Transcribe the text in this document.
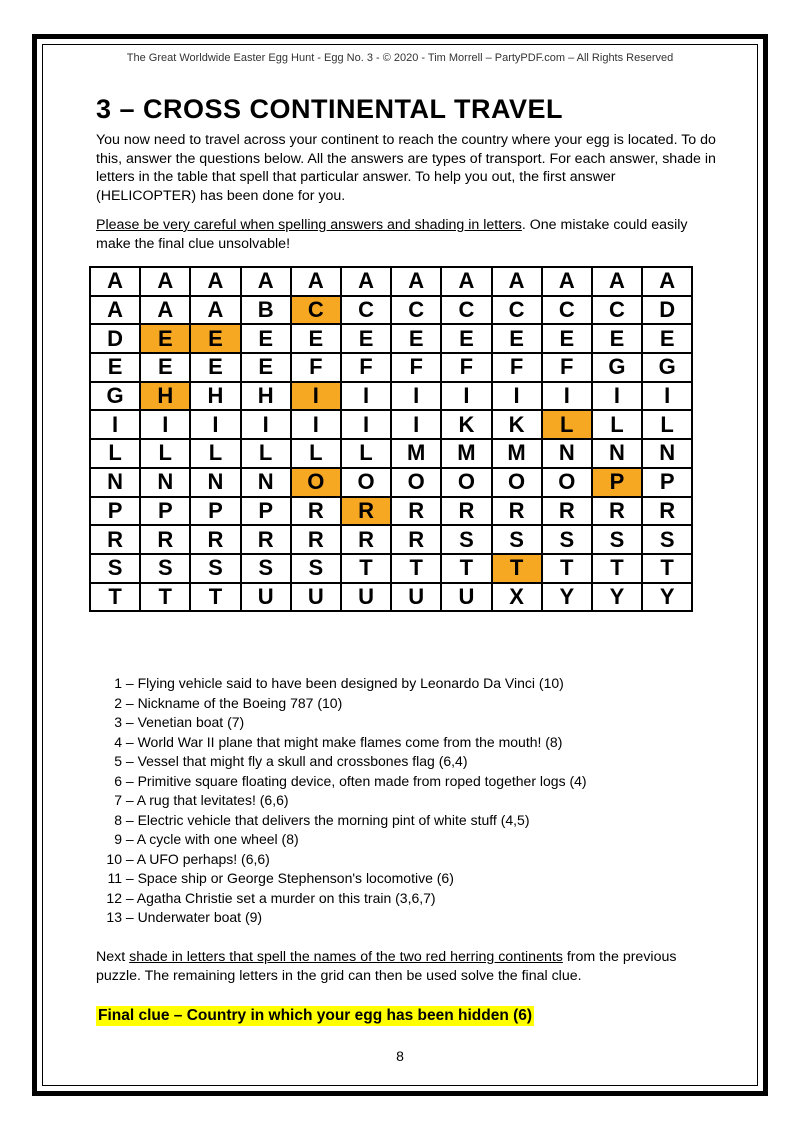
The Great Worldwide Easter Egg Hunt - Egg No. 3 - © 2020 - Tim Morrell – PartyPDF.com – All Rights Reserved
3 – CROSS CONTINENTAL TRAVEL
You now need to travel across your continent to reach the country where your egg is located. To do this, answer the questions below. All the answers are types of transport. For each answer, shade in letters in the table that spell that particular answer. To help you out, the first answer (HELICOPTER) has been done for you.
Please be very careful when spelling answers and shading in letters. One mistake could easily make the final clue unsolvable!
A	A	A	A	A	A	A	A	A	A	A	A
A	A	A	B	C	C	C	C	C	C	C	D
D	E	E	E	E	E	E	E	E	E	E	E
E	E	E	E	F	F	F	F	F	F	G	G
G	H	H	H	I	I	I	I	I	I	I	I
I	I	I	I	I	I	I	K	K	L	L	L
L	L	L	L	L	L	M	M	M	N	N	N
N	N	N	N	O	O	O	O	O	O	P	P
P	P	P	P	R	R	R	R	R	R	R	R
R	R	R	R	R	R	R	S	S	S	S	S
S	S	S	S	S	T	T	T	T	T	T	T
T	T	T	U	U	U	U	U	X	Y	Y	Y
1 – Flying vehicle said to have been designed by Leonardo Da Vinci (10)
2 – Nickname of the Boeing 787 (10)
3 – Venetian boat (7)
4 – World War II plane that might make flames come from the mouth! (8)
5 – Vessel that might fly a skull and crossbones flag (6,4)
6 – Primitive square floating device, often made from roped together logs (4)
7 – A rug that levitates! (6,6)
8 – Electric vehicle that delivers the morning pint of white stuff (4,5)
9 – A cycle with one wheel (8)
10 – A UFO perhaps! (6,6)
11 – Space ship or George Stephenson's locomotive (6)
12 – Agatha Christie set a murder on this train (3,6,7)
13 – Underwater boat (9)
Next shade in letters that spell the names of the two red herring continents from the previous puzzle. The remaining letters in the grid can then be used solve the final clue.
Final clue – Country in which your egg has been hidden (6)
8
